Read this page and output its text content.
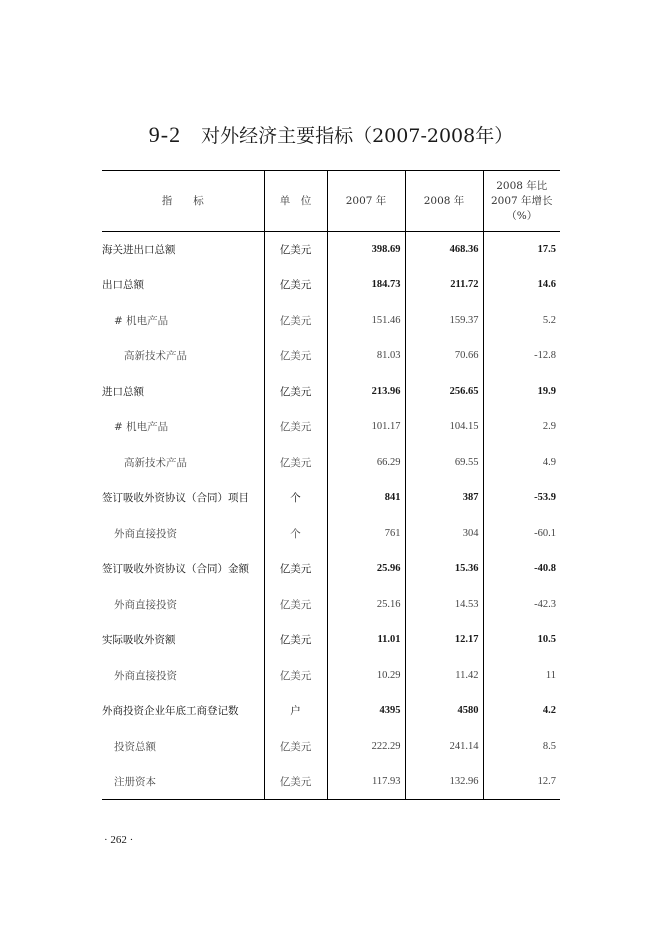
9-2 对外经济主要指标（2007-2008年）
指　　标	单　位	2007 年	2008 年	2008 年比
2007 年增长
（%）
海关进出口总额	亿美元	398.69	468.36	17.5
出口总额	亿美元	184.73	211.72	14.6
# 机电产品	亿美元	151.46	159.37	5.2
高新技术产品	亿美元	81.03	70.66	-12.8
进口总额	亿美元	213.96	256.65	19.9
# 机电产品	亿美元	101.17	104.15	2.9
高新技术产品	亿美元	66.29	69.55	4.9
签订吸收外资协议（合同）项目	个	841	387	-53.9
外商直接投资	个	761	304	-60.1
签订吸收外资协议（合同）金额	亿美元	25.96	15.36	-40.8
外商直接投资	亿美元	25.16	14.53	-42.3
实际吸收外资额	亿美元	11.01	12.17	10.5
外商直接投资	亿美元	10.29	11.42	11
外商投资企业年底工商登记数	户	4395	4580	4.2
投资总额	亿美元	222.29	241.14	8.5
注册资本	亿美元	117.93	132.96	12.7
· 262 ·
